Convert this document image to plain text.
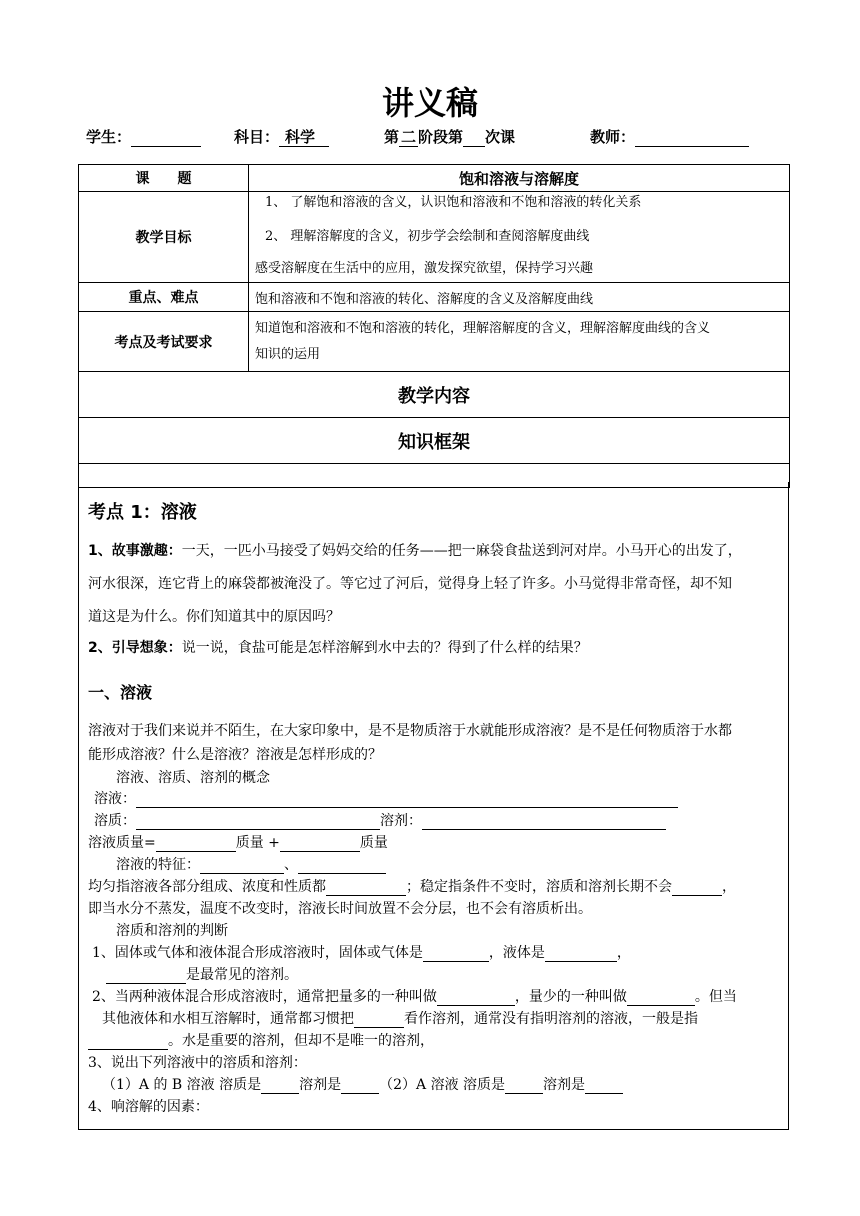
讲义稿
学生：	科目： 科学	第 二 阶段第 次课	教师：
课　　题	饱和溶液与溶解度
教学目标	1、 了解饱和溶液的含义，认识饱和溶液和不饱和溶液的转化关系
2、 理解溶解度的含义，初步学会绘制和查阅溶解度曲线
感受溶解度在生活中的应用，激发探究欲望，保持学习兴趣

重点、难点	饱和溶液和不饱和溶液的转化、溶解度的含义及溶解度曲线
考点及考试要求	知道饱和溶液和不饱和溶液的转化，理解溶解度的含义，理解溶解度曲线的含义
知识的运用

教学内容	
知识框架	

考点 1：溶液
1、故事激趣：一天，一匹小马接受了妈妈交给的任务——把一麻袋食盐送到河对岸。小马开心的出发了，
河水很深，连它背上的麻袋都被淹没了。等它过了河后，觉得身上轻了许多。小马觉得非常奇怪，却不知
道这是为什么。你们知道其中的原因吗？
2、引导想象：说一说，食盐可能是怎样溶解到水中去的？得到了什么样的结果？
一、溶液
溶液对于我们来说并不陌生，在大家印象中，是不是物质溶于水就能形成溶液？是不是任何物质溶于水都
能形成溶液？什么是溶液？溶液是怎样形成的？
溶液、溶质、溶剂的概念
溶液：
溶质：	溶剂：
溶液质量=	质量 +	质量
溶液的特征：	、
均匀指溶液各部分组成、浓度和性质都	；稳定指条件不变时，溶质和溶剂长期不会	，
即当水分不蒸发，温度不改变时，溶液长时间放置不会分层，也不会有溶质析出。
溶质和溶剂的判断
1、固体或气体和液体混合形成溶液时，固体或气体是	，液体是	，
是最常见的溶剂。
2、当两种液体混合形成溶液时，通常把量多的一种叫做	，量少的一种叫做	。但当
其他液体和水相互溶解时，通常都习惯把	看作溶剂，通常没有指明溶剂的溶液，一般是指
。水是重要的溶剂，但却不是唯一的溶剂，
3、说出下列溶液中的溶质和溶剂：
（1）A 的 B 溶液 溶质是	溶剂是	（2）A 溶液 溶质是	溶剂是
4、响溶解的因素：
